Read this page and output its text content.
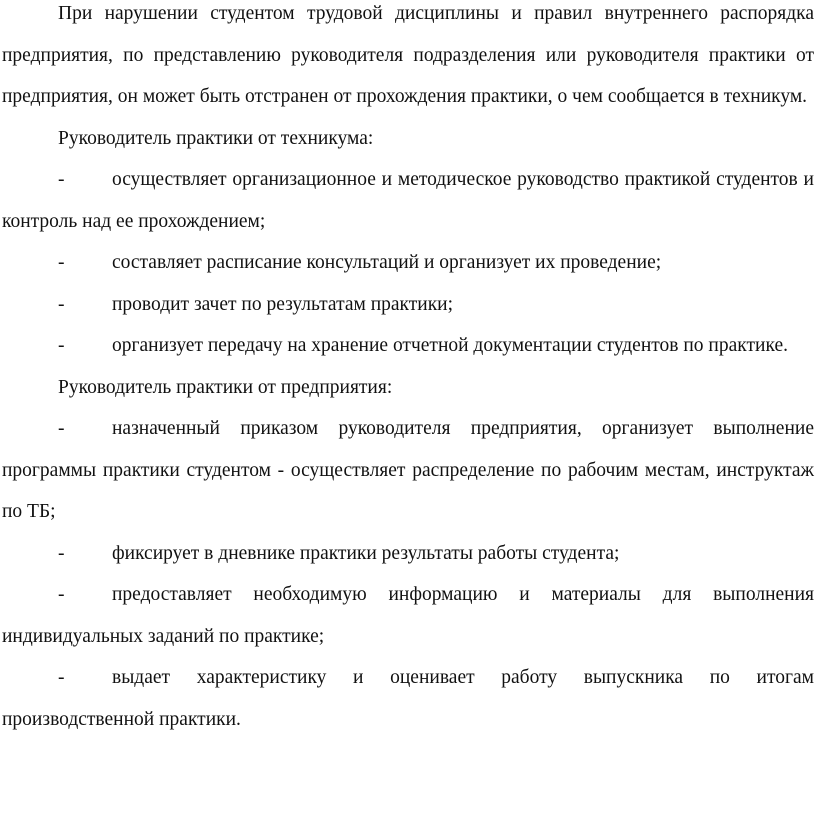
При нарушении студентом трудовой дисциплины и правил внутреннего распорядка предприятия, по представлению руководителя подразделения или руководителя практики от предприятия, он может быть отстранен от прохождения практики, о чем сообщается в техникум.

Руководитель практики от техникума:

- осуществляет организационное и методическое руководство практикой студентов и контроль над ее прохождением;

- составляет расписание консультаций и организует их проведение;

- проводит зачет по результатам практики;

- организует передачу на хранение отчетной документации студентов по практике.

Руководитель практики от предприятия:

- назначенный приказом руководителя предприятия, организует выполнение программы практики студентом - осуществляет распределение по рабочим местам, инструктаж по ТБ;

- фиксирует в дневнике практики результаты работы студента;

- предоставляет необходимую информацию и материалы для выполнения индивидуальных заданий по практике;

- выдает характеристику и оценивает работу выпускника по итогам производственной практики.
